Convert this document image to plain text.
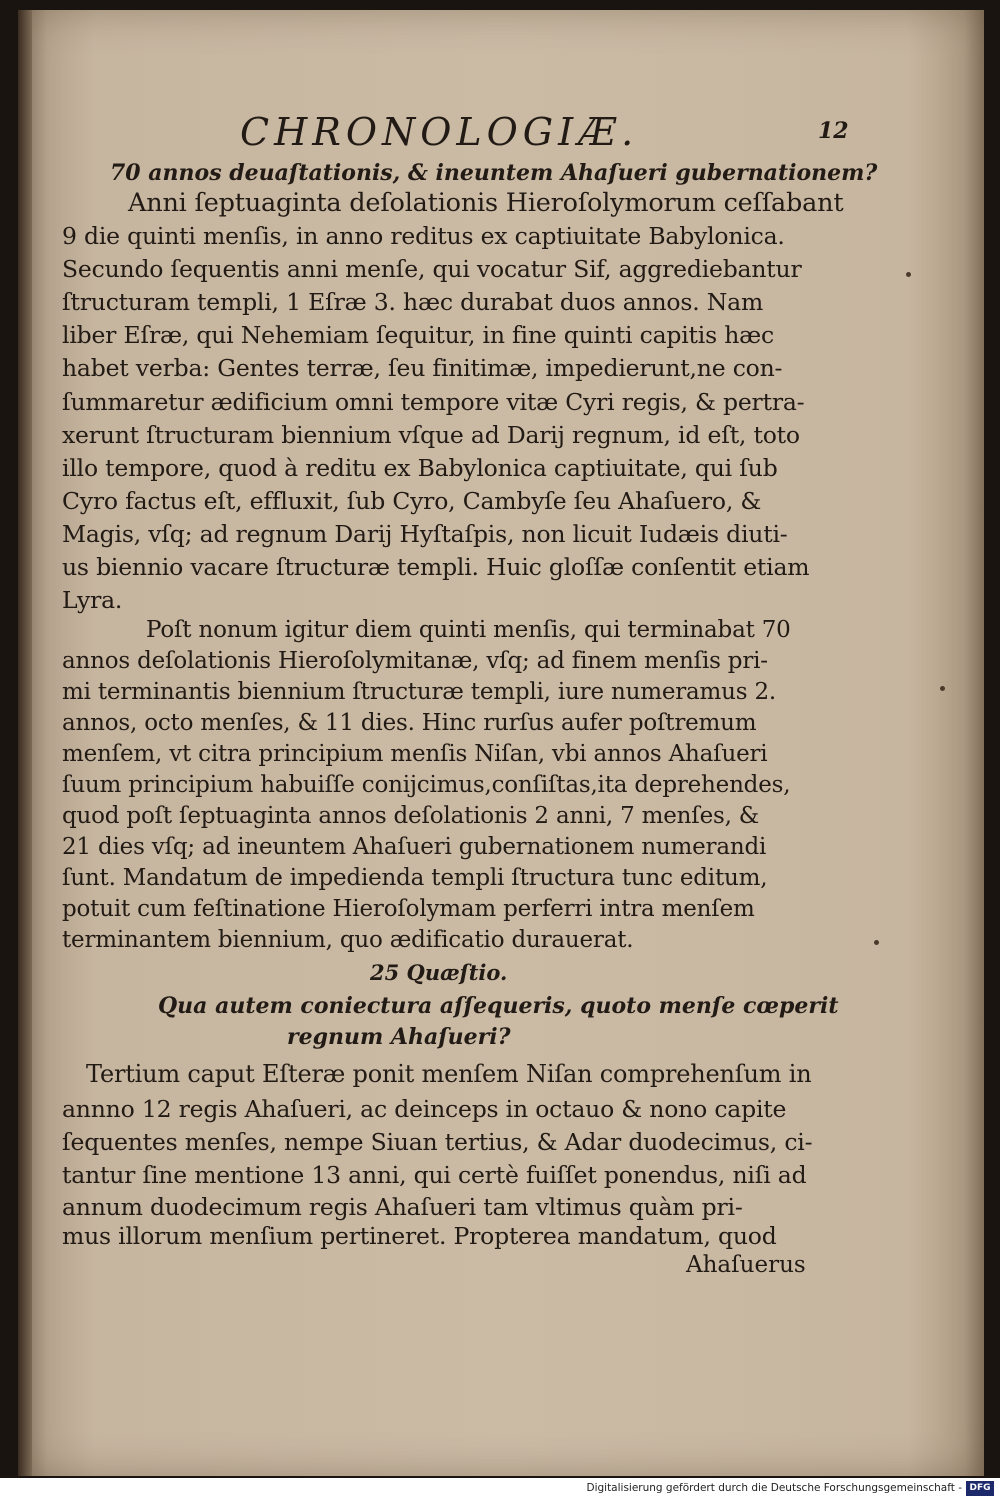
CHRONOLOGIÆ.	12
70 annos deuaſtationis, & ineuntem Ahaſueri gubernationem?
Anni ſeptuaginta deſolationis Hieroſolymorum ceſſabant
9 die quinti menſis, in anno reditus ex captiuitate Babylonica.
Secundo ſequentis anni menſe, qui vocatur Sif, aggrediebantur
ſtructuram templi, 1 Eſræ 3. hæc durabat duos annos. Nam
liber Eſræ, qui Nehemiam ſequitur, in fine quinti capitis hæc
habet verba: Gentes terræ, ſeu finitimæ, impedierunt,ne con-
ſummaretur ædificium omni tempore vitæ Cyri regis, & pertra-
xerunt ſtructuram biennium vſque ad Darij regnum, id eſt, toto
illo tempore, quod à reditu ex Babylonica captiuitate, qui ſub
Cyro factus eſt, effluxit, ſub Cyro, Cambyſe ſeu Ahaſuero, &
Magis, vſq; ad regnum Darij Hyſtaſpis, non licuit Iudæis diuti-
us biennio vacare ſtructuræ templi. Huic gloſſæ conſentit etiam
Lyra.
Poſt nonum igitur diem quinti menſis, qui terminabat 70
annos deſolationis Hieroſolymitanæ, vſq; ad finem menſis pri-
mi terminantis biennium ſtructuræ templi, iure numeramus 2.
annos, octo menſes, & 11 dies. Hinc rurſus aufer poſtremum
menſem, vt citra principium menſis Niſan, vbi annos Ahaſueri
ſuum principium habuiſſe conijcimus,conſiſtas,ita deprehendes,
quod poſt ſeptuaginta annos deſolationis 2 anni, 7 menſes, &
21 dies vſq; ad ineuntem Ahaſueri gubernationem numerandi
ſunt. Mandatum de impedienda templi ſtructura tunc editum,
potuit cum feſtinatione Hieroſolymam perferri intra menſem
terminantem biennium, quo ædificatio durauerat.
25 Quæſtio.
Qua autem coniectura aſſequeris, quoto menſe cœperit
regnum Ahaſueri?
Tertium caput Eſteræ ponit menſem Niſan comprehenſum in
annno 12 regis Ahaſueri, ac deinceps in octauo & nono capite
ſequentes menſes, nempe Siuan tertius, & Adar duodecimus, ci-
tantur ſine mentione 13 anni, qui certè fuiſſet ponendus, niſi ad
annum duodecimum regis Ahaſueri tam vltimus quàm pri-
mus illorum menſium pertineret. Propterea mandatum, quod
Ahaſuerus
Digitalisierung gefördert durch die Deutsche Forschungsgemeinschaft - DFG
